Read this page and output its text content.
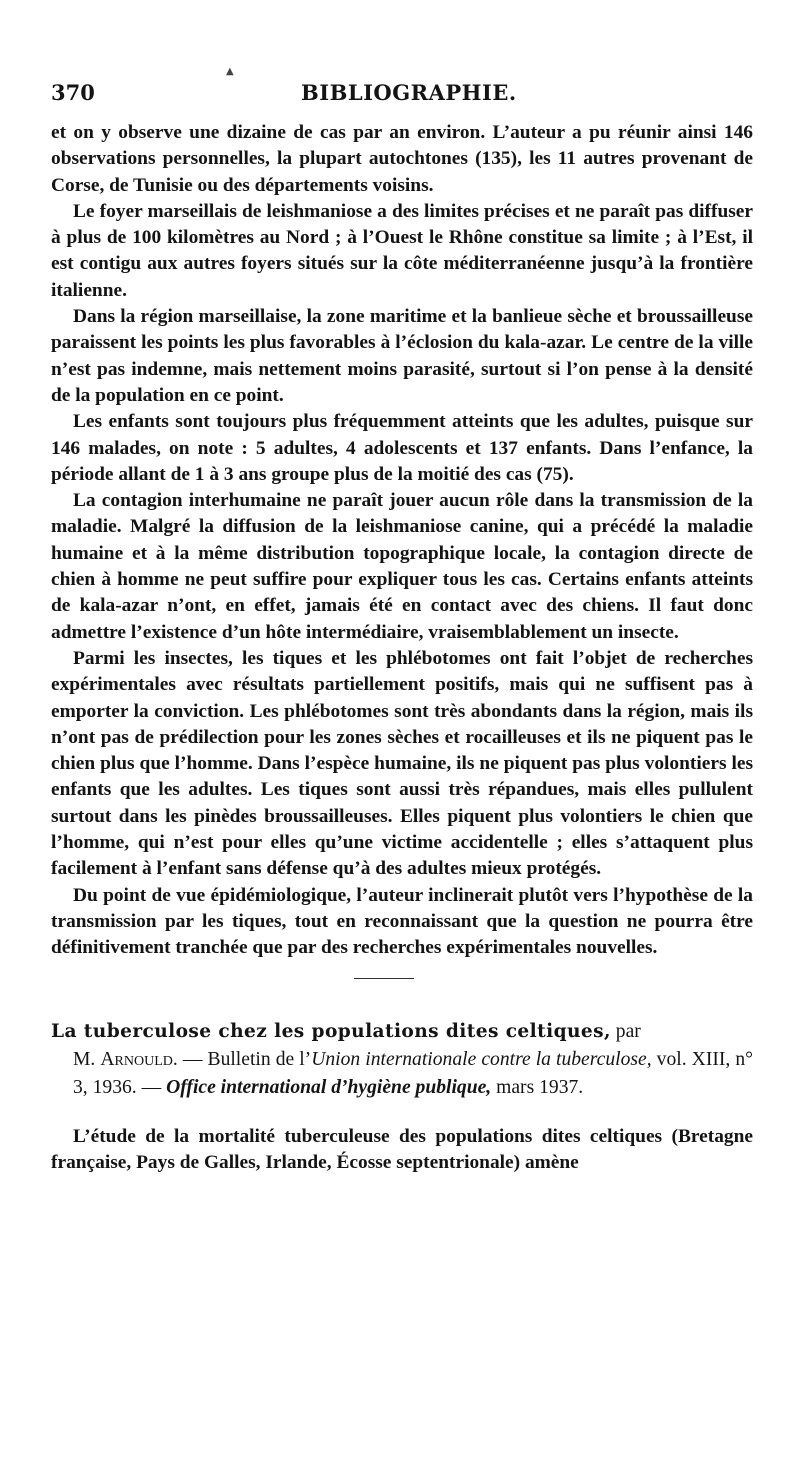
▲
370	BIBLIOGRAPHIE.

et on y observe une dizaine de cas par an environ. L’auteur a pu réunir ainsi 146 observations personnelles, la plupart autochtones (135), les 11 autres provenant de Corse, de Tunisie ou des départements voisins.

Le foyer marseillais de leishmaniose a des limites précises et ne paraît pas diffuser à plus de 100 kilomètres au Nord ; à l’Ouest le Rhône constitue sa limite ; à l’Est, il est contigu aux autres foyers situés sur la côte méditerranéenne jusqu’à la frontière italienne.

Dans la région marseillaise, la zone maritime et la banlieue sèche et broussailleuse paraissent les points les plus favorables à l’éclosion du kala-azar. Le centre de la ville n’est pas indemne, mais nettement moins parasité, surtout si l’on pense à la densité de la population en ce point.

Les enfants sont toujours plus fréquemment atteints que les adultes, puisque sur 146 malades, on note : 5 adultes, 4 adolescents et 137 enfants. Dans l’enfance, la période allant de 1 à 3 ans groupe plus de la moitié des cas (75).

La contagion interhumaine ne paraît jouer aucun rôle dans la transmission de la maladie. Malgré la diffusion de la leishmaniose canine, qui a précédé la maladie humaine et à la même distribution topographique locale, la contagion directe de chien à homme ne peut suffire pour expliquer tous les cas. Certains enfants atteints de kala-azar n’ont, en effet, jamais été en contact avec des chiens. Il faut donc admettre l’existence d’un hôte intermédiaire, vraisemblablement un insecte.

Parmi les insectes, les tiques et les phlébotomes ont fait l’objet de recherches expérimentales avec résultats partiellement positifs, mais qui ne suffisent pas à emporter la conviction. Les phlébotomes sont très abondants dans la région, mais ils n’ont pas de prédilection pour les zones sèches et rocailleuses et ils ne piquent pas le chien plus que l’homme. Dans l’espèce humaine, ils ne piquent pas plus volontiers les enfants que les adultes. Les tiques sont aussi très répandues, mais elles pullulent surtout dans les pinèdes broussailleuses. Elles piquent plus volontiers le chien que l’homme, qui n’est pour elles qu’une victime accidentelle ; elles s’attaquent plus facilement à l’enfant sans défense qu’à des adultes mieux protégés.

Du point de vue épidémiologique, l’auteur inclinerait plutôt vers l’hypothèse de la transmission par les tiques, tout en reconnaissant que la question ne pourra être définitivement tranchée que par des recherches expérimentales nouvelles.

La tuberculose chez les populations dites celtiques, par
M. Arnould. — Bulletin de l’Union internationale contre la tuberculose, vol. XIII, n° 3, 1936. — Office international d’hygiène publique, mars 1937.

L’étude de la mortalité tuberculeuse des populations dites celtiques (Bretagne française, Pays de Galles, Irlande, Écosse septentrionale) amène
